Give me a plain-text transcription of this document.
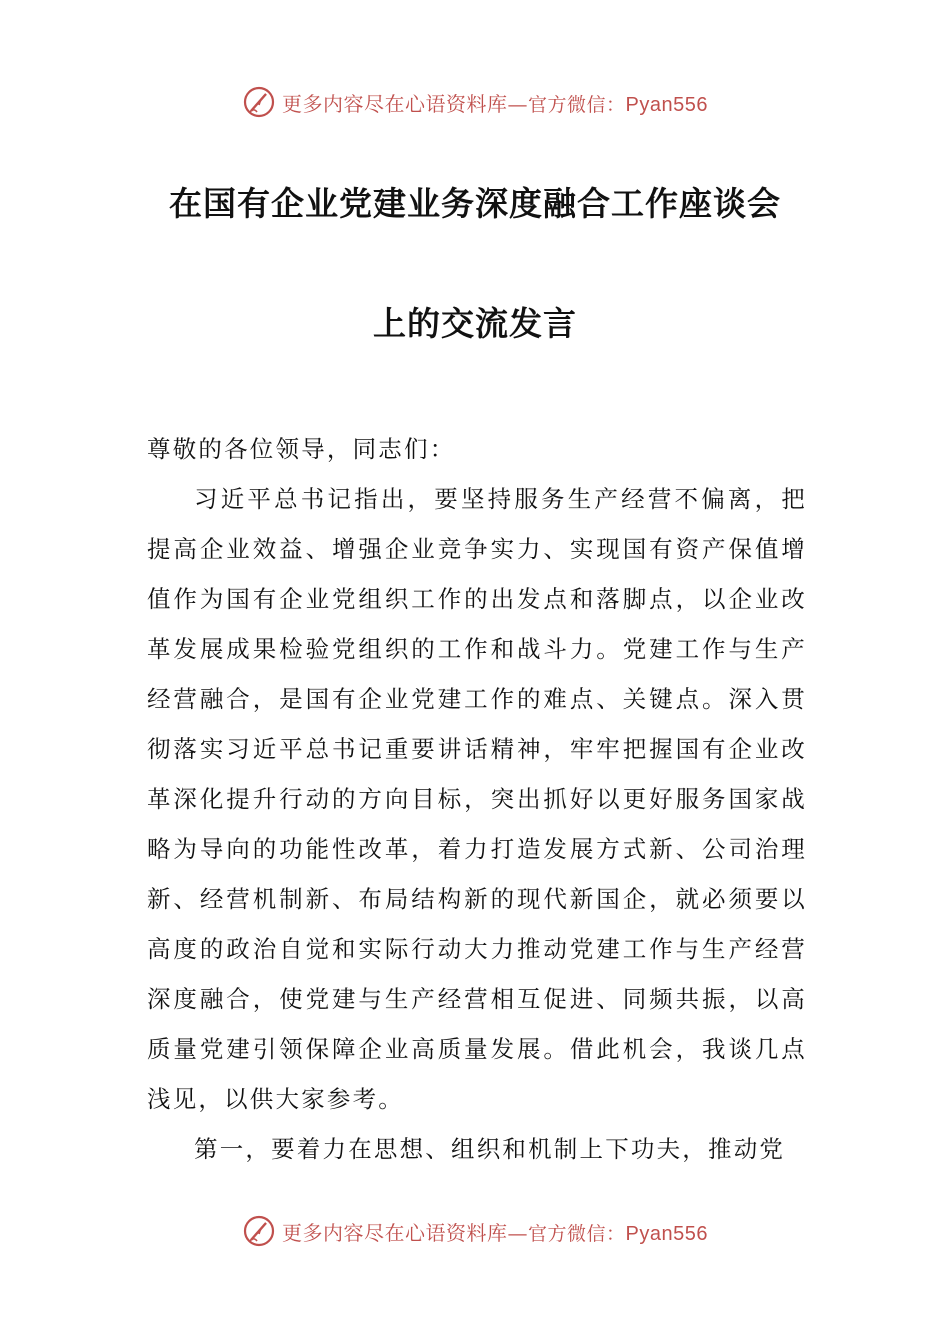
更多内容尽在心语资料库—官方微信：Pyan556
在国有企业党建业务深度融合工作座谈会
上的交流发言

尊敬的各位领导，同志们：

习近平总书记指出，要坚持服务生产经营不偏离，把提高企业效益、增强企业竞争实力、实现国有资产保值增值作为国有企业党组织工作的出发点和落脚点，以企业改革发展成果检验党组织的工作和战斗力。党建工作与生产经营融合，是国有企业党建工作的难点、关键点。深入贯彻落实习近平总书记重要讲话精神，牢牢把握国有企业改革深化提升行动的方向目标，突出抓好以更好服务国家战略为导向的功能性改革，着力打造发展方式新、公司治理新、经营机制新、布局结构新的现代新国企，就必须要以高度的政治自觉和实际行动大力推动党建工作与生产经营深度融合，使党建与生产经营相互促进、同频共振，以高质量党建引领保障企业高质量发展。借此机会，我谈几点浅见，以供大家参考。

第一，要着力在思想、组织和机制上下功夫，推动党

更多内容尽在心语资料库—官方微信：Pyan556
